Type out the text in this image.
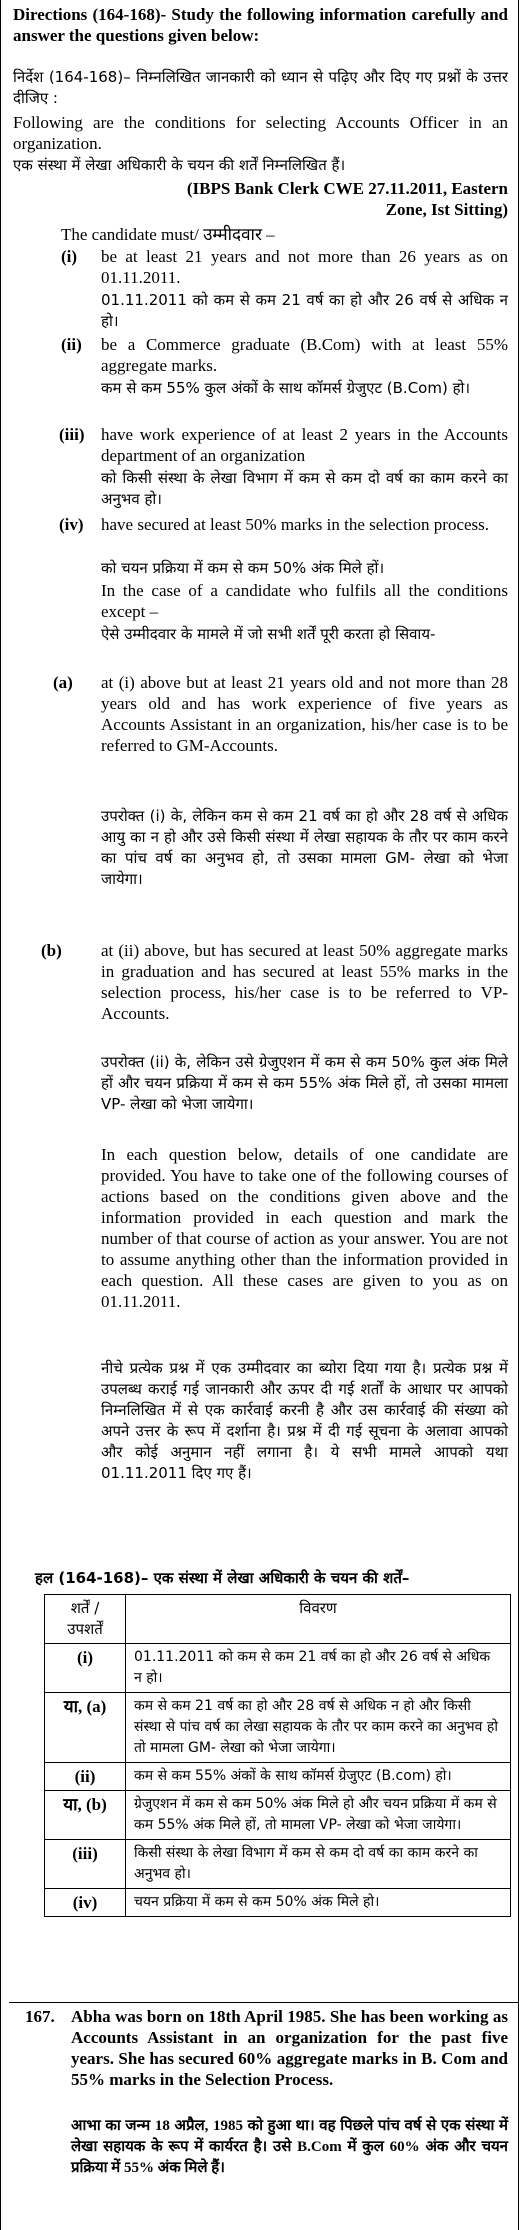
Directions (164-168)- Study the following information carefully and answer the questions given below:

निर्देश (164-168)– निम्नलिखित जानकारी को ध्यान से पढ़िए और दिए गए प्रश्नों के उत्तर दीजिए :

Following are the conditions for selecting Accounts Officer in an organization.

एक संस्था में लेखा अधिकारी के चयन की शर्तें निम्नलिखित हैं।

(IBPS Bank Clerk CWE 27.11.2011, Eastern Zone, Ist Sitting)

The candidate must/ उम्मीदवार –

(i) be at least 21 years and not more than 26 years as on 01.11.2011.

01.11.2011 को कम से कम 21 वर्ष का हो और 26 वर्ष से अधिक न हो।

(ii) be a Commerce graduate (B.Com) with at least 55% aggregate marks.

कम से कम 55% कुल अंकों के साथ कॉमर्स ग्रेजुएट (B.Com) हो।

(iii) have work experience of at least 2 years in the Accounts department of an organization

को किसी संस्था के लेखा विभाग में कम से कम दो वर्ष का काम करने का अनुभव हो।

(iv) have secured at least 50% marks in the selection process.

को चयन प्रक्रिया में कम से कम 50% अंक मिले हों।

In the case of a candidate who fulfils all the conditions except –

ऐसे उम्मीदवार के मामले में जो सभी शर्तें पूरी करता हो सिवाय-

(a) at (i) above but at least 21 years old and not more than 28 years old and has work experience of five years as Accounts Assistant in an organization, his/her case is to be referred to GM-Accounts.

उपरोक्त (i) के, लेकिन कम से कम 21 वर्ष का हो और 28 वर्ष से अधिक आयु का न हो और उसे किसी संस्था में लेखा सहायक के तौर पर काम करने का पांच वर्ष का अनुभव हो, तो उसका मामला GM- लेखा को भेजा जायेगा।

(b) at (ii) above, but has secured at least 50% aggregate marks in graduation and has secured at least 55% marks in the selection process, his/her case is to be referred to VP-Accounts.

उपरोक्त (ii) के, लेकिन उसे ग्रेजुएशन में कम से कम 50% कुल अंक मिले हों और चयन प्रक्रिया में कम से कम 55% अंक मिले हों, तो उसका मामला VP- लेखा को भेजा जायेगा।

In each question below, details of one candidate are provided. You have to take one of the following courses of actions based on the conditions given above and the information provided in each question and mark the number of that course of action as your answer. You are not to assume anything other than the information provided in each question. All these cases are given to you as on 01.11.2011.

नीचे प्रत्येक प्रश्न में एक उम्मीदवार का ब्योरा दिया गया है। प्रत्येक प्रश्न में उपलब्ध कराई गई जानकारी और ऊपर दी गई शर्तों के आधार पर आपको निम्नलिखित में से एक कार्रवाई करनी है और उस कार्रवाई की संख्या को अपने उत्तर के रूप में दर्शाना है। प्रश्न में दी गई सूचना के अलावा आपको और कोई अनुमान नहीं लगाना है। ये सभी मामले आपको यथा 01.11.2011 दिए गए हैं।

हल (164-168)– एक संस्था में लेखा अधिकारी के चयन की शर्तें–

शर्तें /उपशर्तें	विवरण
(i)	01.11.2011 को कम से कम 21 वर्ष का हो और 26 वर्ष से अधिक न हो।
या, (a)	कम से कम 21 वर्ष का हो और 28 वर्ष से अधिक न हो और किसी संस्था से पांच वर्ष का लेखा सहायक के तौर पर काम करने का अनुभव हो तो मामला GM- लेखा को भेजा जायेगा।
(ii)	कम से कम 55% अंकों के साथ कॉमर्स ग्रेजुएट (B.com) हो।
या, (b)	ग्रेजुएशन में कम से कम 50% अंक मिले हो और चयन प्रक्रिया में कम से कम 55% अंक मिले हों, तो मामला VP- लेखा को भेजा जायेगा।
(iii)	किसी संस्था के लेखा विभाग में कम से कम दो वर्ष का काम करने का अनुभव हो।
(iv)	चयन प्रक्रिया में कम से कम 50% अंक मिले हो।
167. Abha was born on 18th April 1985. She has been working as Accounts Assistant in an organization for the past five years. She has secured 60% aggregate marks in B. Com and 55% marks in the Selection Process.

आभा का जन्म 18 अप्रैल, 1985 को हुआ था। वह पिछले पांच वर्ष से एक संस्था में लेखा सहायक के रूप में कार्यरत है। उसे B.Com में कुल 60% अंक और चयन प्रक्रिया में 55% अंक मिले हैं।
